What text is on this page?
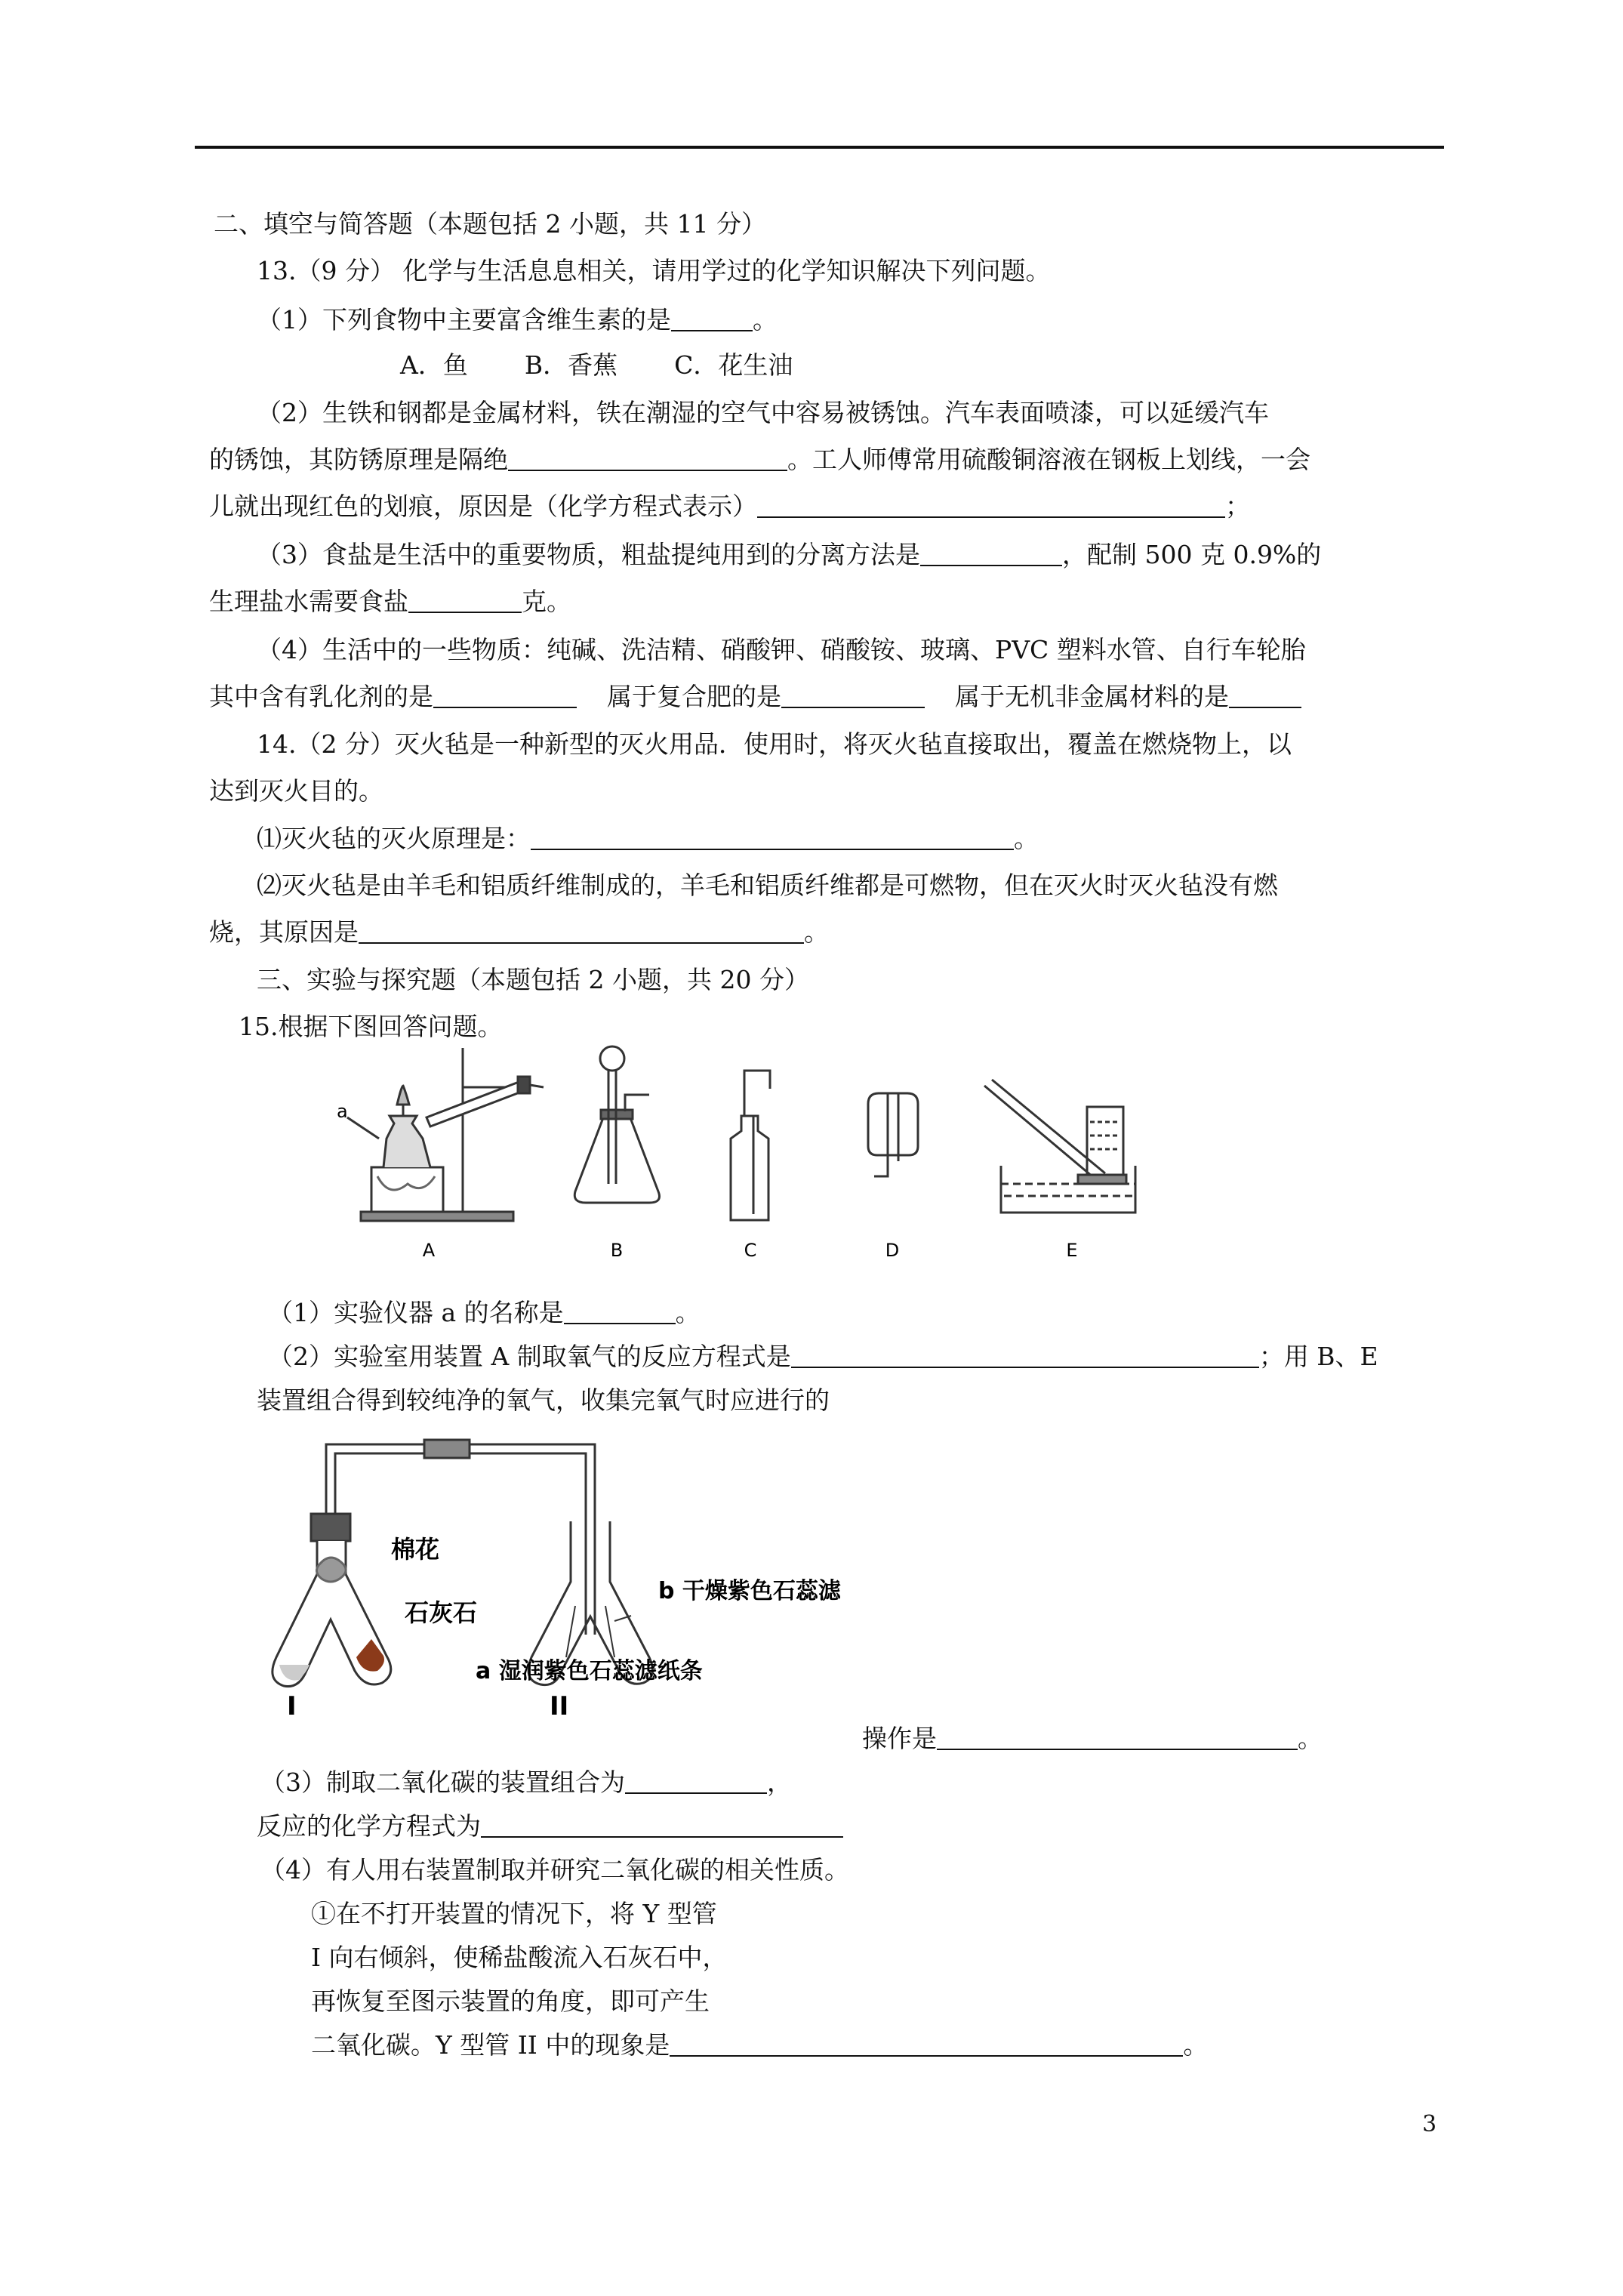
二、填空与简答题（本题包括 2 小题，共 11 分）
13.（9 分） 化学与生活息息相关，请用学过的化学知识解决下列问题。
（1）下列食物中主要富含维生素的是	。
A．鱼 B．香蕉 C．花生油
（2）生铁和钢都是金属材料，铁在潮湿的空气中容易被锈蚀。汽车表面喷漆，可以延缓汽车
的锈蚀，其防锈原理是隔绝	。工人师傅常用硫酸铜溶液在钢板上划线，一会
儿就出现红色的划痕，原因是（化学方程式表示）	；
（3）食盐是生活中的重要物质，粗盐提纯用到的分离方法是	，配制 500 克 0.9%的
生理盐水需要食盐	克。
（4）生活中的一些物质：纯碱、洗洁精、硝酸钾、硝酸铵、玻璃、PVC 塑料水管、自行车轮胎
其中含有乳化剂的是	属于复合肥的是	属于无机非金属材料的是
14.（2 分）灭火毡是一种新型的灭火用品．使用时，将灭火毡直接取出，覆盖在燃烧物上，以
达到灭火目的。
⑴灭火毡的灭火原理是：	。
⑵灭火毡是由羊毛和铝质纤维制成的，羊毛和铝质纤维都是可燃物，但在灭火时灭火毡没有燃
烧，其原因是	。
三、实验与探究题（本题包括 2 小题，共 20 分）
15.根据下图回答问题。
a
A	B	C	D	E
（1）实验仪器 a 的名称是	。
（2）实验室用装置 A 制取氧气的反应方程式是	；用 B、E
装置组合得到较纯净的氧气，收集完氧气时应进行的
棉花
石灰石
b 干燥紫色石蕊滤
a 湿润紫色石蕊滤纸条
I	II
操作是	。
（3）制取二氧化碳的装置组合为	，
反应的化学方程式为
（4）有人用右装置制取并研究二氧化碳的相关性质。
①在不打开装置的情况下，将 Y 型管
I 向右倾斜，使稀盐酸流入石灰石中，
再恢复至图示装置的角度，即可产生
二氧化碳。Y 型管 II 中的现象是	。
3
